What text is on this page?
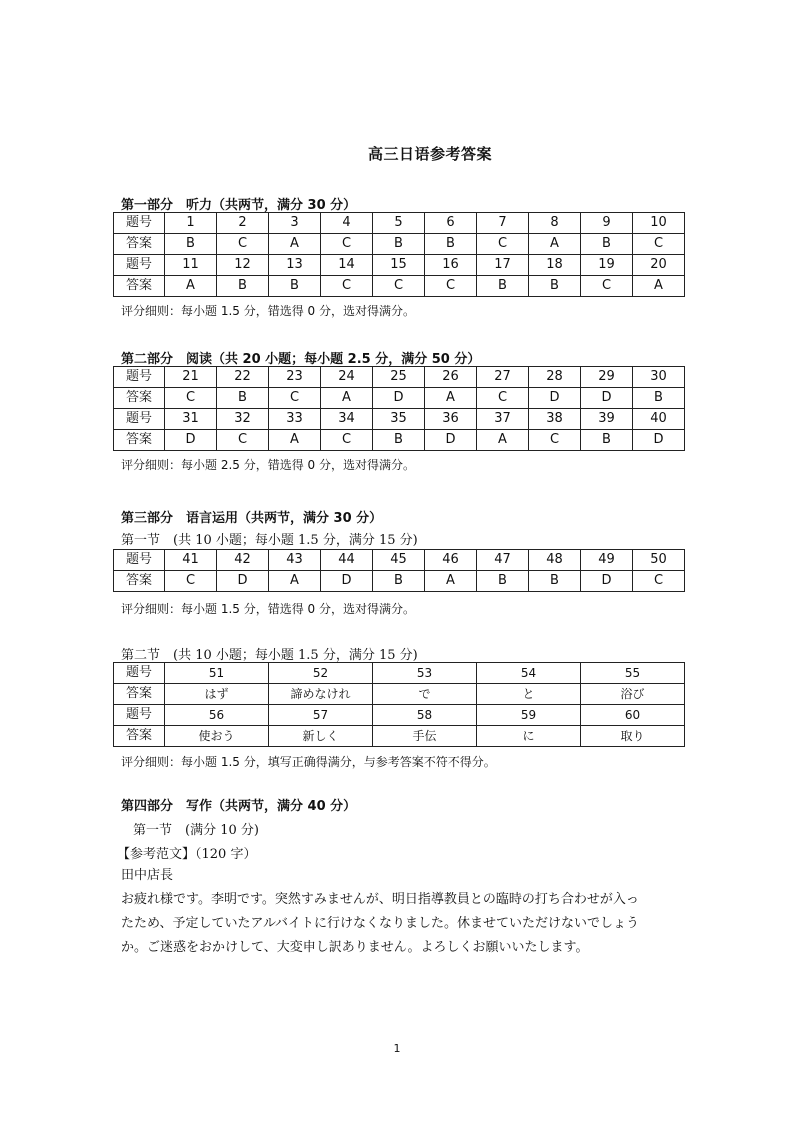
高三日语参考答案
第一部分　听力（共两节，满分 30 分）
题号	1	2	3	4	5	6	7	8	9	10
答案	B	C	A	C	B	B	C	A	B	C
题号	11	12	13	14	15	16	17	18	19	20
答案	A	B	B	C	C	C	B	B	C	A
评分细则：每小题 1.5 分，错选得 0 分，选对得满分。
第二部分　阅读（共 20 小题；每小题 2.5 分，满分 50 分）
题号	21	22	23	24	25	26	27	28	29	30
答案	C	B	C	A	D	A	C	D	D	B
题号	31	32	33	34	35	36	37	38	39	40
答案	D	C	A	C	B	D	A	C	B	D
评分细则：每小题 2.5 分，错选得 0 分，选对得满分。
第三部分　语言运用（共两节，满分 30 分）
第一节　(共 10 小题；每小题 1.5 分，满分 15 分)
题号	41	42	43	44	45	46	47	48	49	50
答案	C	D	A	D	B	A	B	B	D	C
评分细则：每小题 1.5 分，错选得 0 分，选对得满分。
第二节　(共 10 小题；每小题 1.5 分，满分 15 分)
题号	51	52	53	54	55
答案	はず	諦めなけれ	で	と	浴び
题号	56	57	58	59	60
答案	使おう	新しく	手伝	に	取り
评分细则：每小题 1.5 分，填写正确得满分，与参考答案不符不得分。
第四部分　写作（共两节，满分 40 分）
第一节　(满分 10 分)
【参考范文】（120 字）
田中店長
お疲れ様です。李明です。突然すみませんが、明日指導教員との臨時の打ち合わせが入っ
たため、予定していたアルバイトに行けなくなりました。休ませていただけないでしょう
か。ご迷惑をおかけして、大変申し訳ありません。よろしくお願いいたします。
1
